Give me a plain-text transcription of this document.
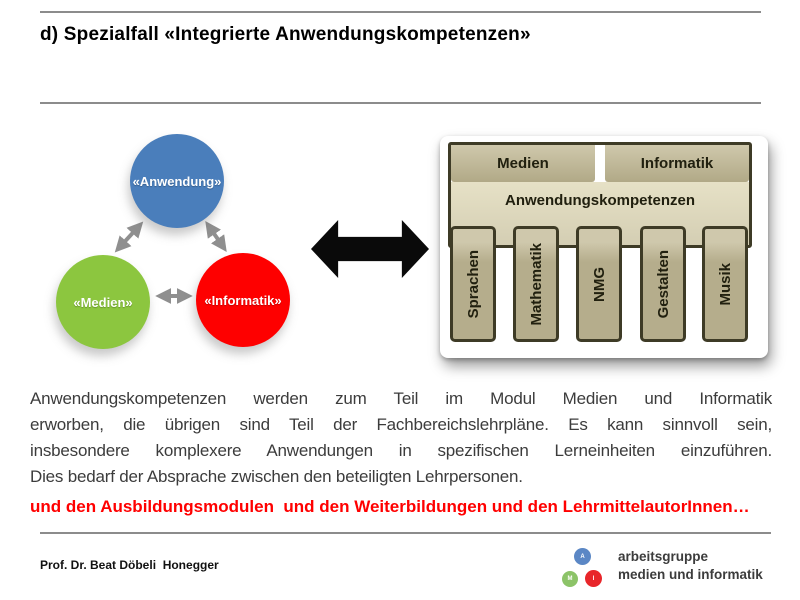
d) Spezialfall «Integrierte Anwendungskompetenzen»
«Anwendung»
«Medien»	«Informatik»
Medien	Informatik
Anwendungskompetenzen
Sprachen	Mathematik	NMG	Gestalten	Musik
Anwendungskompetenzen werden zum Teil im Modul Medien und Informatik
erworben, die übrigen sind Teil der Fachbereichslehrpläne. Es kann sinnvoll sein,
insbesondere komplexere Anwendungen in spezifischen Lerneinheiten einzuführen.
Dies bedarf der Absprache zwischen den beteiligten Lehrpersonen.
und den Ausbildungsmodulen  und den Weiterbildungen und den LehrmittelautorInnen…
Prof. Dr. Beat Döbeli  Honegger
A
M	I
arbeitsgruppe
medien und informatik
